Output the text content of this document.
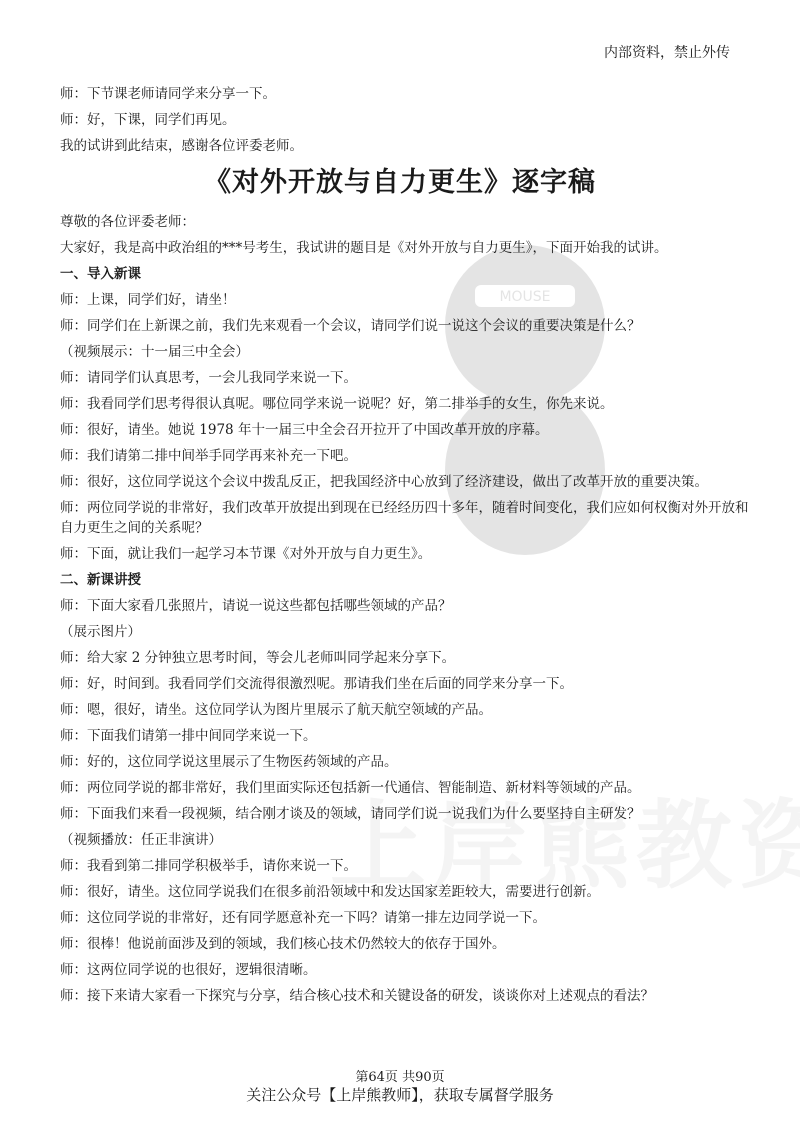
内部资料，禁止外传
MOUSE
师：下节课老师请同学来分享一下。
师：好，下课，同学们再见。
我的试讲到此结束，感谢各位评委老师。
《对外开放与自力更生》逐字稿
尊敬的各位评委老师：
大家好，我是高中政治组的***号考生，我试讲的题目是《对外开放与自力更生》，下面开始我的试讲。
一、导入新课
师：上课，同学们好，请坐！
师：同学们在上新课之前，我们先来观看一个会议，请同学们说一说这个会议的重要决策是什么？
（视频展示：十一届三中全会）
师：请同学们认真思考，一会儿我同学来说一下。
师：我看同学们思考得很认真呢。哪位同学来说一说呢？好，第二排举手的女生，你先来说。
师：很好，请坐。她说 1978 年十一届三中全会召开拉开了中国改革开放的序幕。
师：我们请第二排中间举手同学再来补充一下吧。
师：很好，这位同学说这个会议中拨乱反正，把我国经济中心放到了经济建设，做出了改革开放的重要决策。
师：两位同学说的非常好，我们改革开放提出到现在已经经历四十多年，随着时间变化，我们应如何权衡对外开放和自力更生之间的关系呢？
师：下面，就让我们一起学习本节课《对外开放与自力更生》。
二、新课讲授
师：下面大家看几张照片，请说一说这些都包括哪些领域的产品？
（展示图片）
师：给大家 2 分钟独立思考时间，等会儿老师叫同学起来分享下。
师：好，时间到。我看同学们交流得很激烈呢。那请我们坐在后面的同学来分享一下。
师：嗯，很好，请坐。这位同学认为图片里展示了航天航空领域的产品。
师：下面我们请第一排中间同学来说一下。
师：好的，这位同学说这里展示了生物医药领域的产品。
师：两位同学说的都非常好，我们里面实际还包括新一代通信、智能制造、新材料等领域的产品。
师：下面我们来看一段视频，结合刚才谈及的领域，请同学们说一说我们为什么要坚持自主研发？
（视频播放：任正非演讲）
师：我看到第二排同学积极举手，请你来说一下。
师：很好，请坐。这位同学说我们在很多前沿领域中和发达国家差距较大，需要进行创新。
师：这位同学说的非常好，还有同学愿意补充一下吗？请第一排左边同学说一下。
师：很棒！他说前面涉及到的领域，我们核心技术仍然较大的依存于国外。
师：这两位同学说的也很好，逻辑很清晰。
师：接下来请大家看一下探究与分享，结合核心技术和关键设备的研发，谈谈你对上述观点的看法？
第64页 共90页
关注公众号【上岸熊教师】，获取专属督学服务
